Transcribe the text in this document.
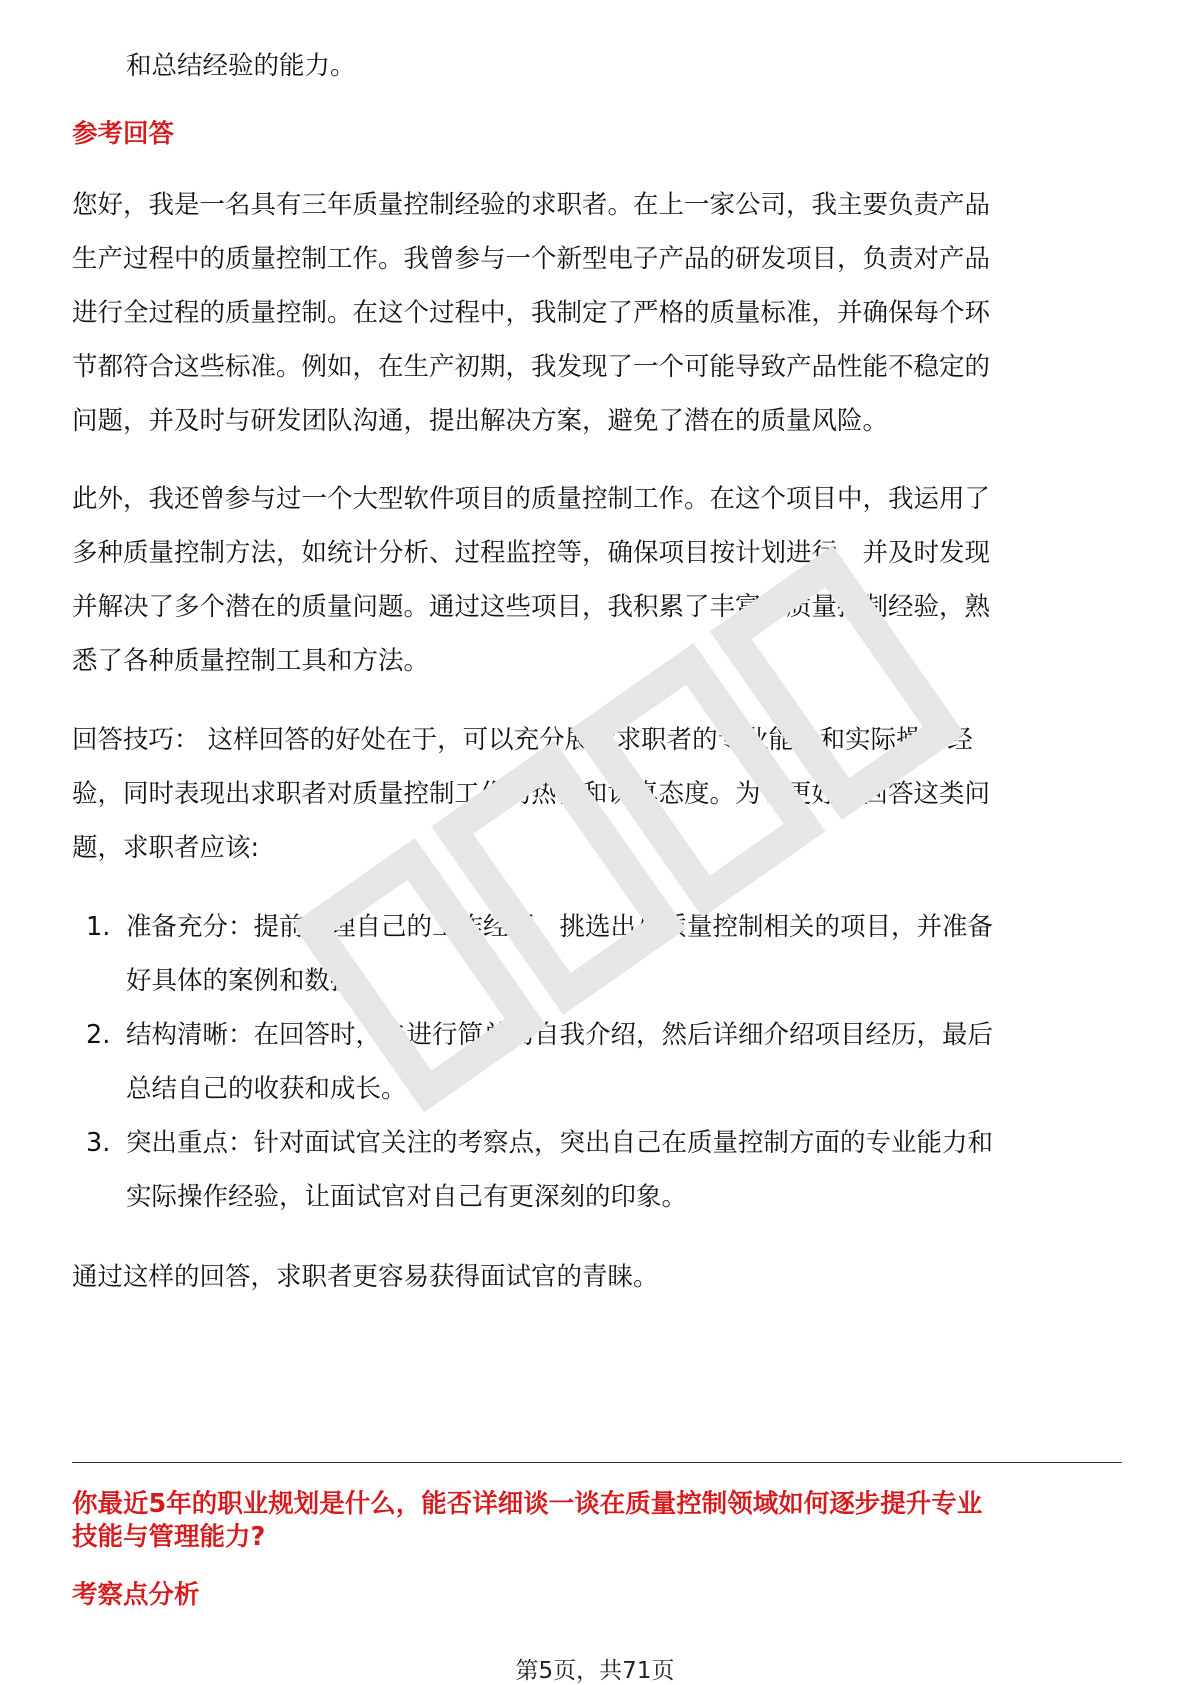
和总结经验的能力。
参考回答
您好，我是一名具有三年质量控制经验的求职者。在上一家公司，我主要负责产品
生产过程中的质量控制工作。我曾参与一个新型电子产品的研发项目，负责对产品
进行全过程的质量控制。在这个过程中，我制定了严格的质量标准，并确保每个环
节都符合这些标准。例如，在生产初期，我发现了一个可能导致产品性能不稳定的
问题，并及时与研发团队沟通，提出解决方案，避免了潜在的质量风险。
此外，我还曾参与过一个大型软件项目的质量控制工作。在这个项目中，我运用了
多种质量控制方法，如统计分析、过程监控等，确保项目按计划进行，并及时发现
并解决了多个潜在的质量问题。通过这些项目，我积累了丰富的质量控制经验，熟
悉了各种质量控制工具和方法。
回答技巧： 这样回答的好处在于，可以充分展示求职者的专业能力和实际操作经
验，同时表现出求职者对质量控制工作的热情和认真态度。为了更好地回答这类问
题，求职者应该:
1. 准备充分：提前梳理自己的工作经历，挑选出与质量控制相关的项目，并准备
好具体的案例和数据。
2. 结构清晰：在回答时，先进行简单的自我介绍，然后详细介绍项目经历，最后
总结自己的收获和成长。
3. 突出重点：针对面试官关注的考察点，突出自己在质量控制方面的专业能力和
实际操作经验，让面试官对自己有更深刻的印象。
通过这样的回答，求职者更容易获得面试官的青睐。
你最近5年的职业规划是什么，能否详细谈一谈在质量控制领域如何逐步提升专业
技能与管理能力?
考察点分析
第5页，共71页
